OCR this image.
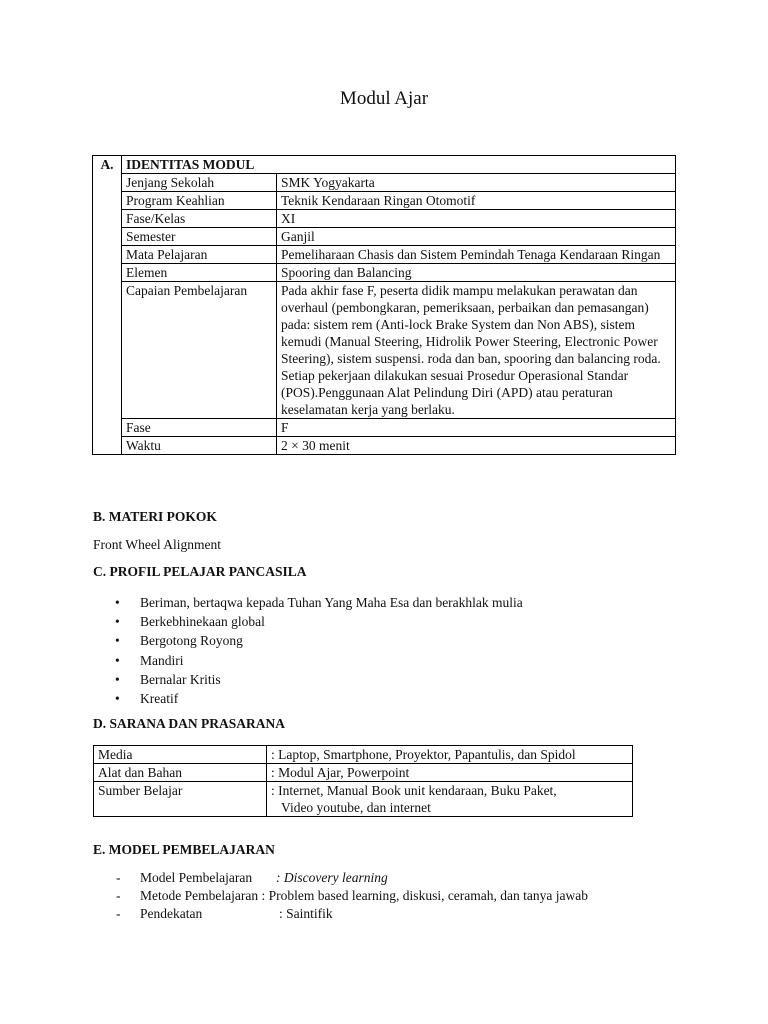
Modul Ajar
A.	IDENTITAS MODUL	
	Jenjang Sekolah	SMK Yogyakarta
	Program Keahlian	Teknik Kendaraan Ringan Otomotif
	Fase/Kelas	XI
	Semester	Ganjil
	Mata Pelajaran	Pemeliharaan Chasis dan Sistem Pemindah Tenaga Kendaraan Ringan
	Elemen	Spooring dan Balancing
	Capaian Pembelajaran	Pada akhir fase F, peserta didik mampu melakukan perawatan dan overhaul (pembongkaran, pemeriksaan, perbaikan dan pemasangan) pada: sistem rem (Anti-lock Brake System dan Non ABS), sistem kemudi (Manual Steering, Hidrolik Power Steering, Electronic Power Steering), sistem suspensi. roda dan ban, spooring dan balancing roda. Setiap pekerjaan dilakukan sesuai Prosedur Operasional Standar (POS).Penggunaan Alat Pelindung Diri (APD) atau peraturan keselamatan kerja yang berlaku.
	Fase	F
	Waktu	2 × 30 menit
B. MATERI POKOK
Front Wheel Alignment
C. PROFIL PELAJAR PANCASILA
• Beriman, bertaqwa kepada Tuhan Yang Maha Esa dan berakhlak mulia
• Berkebhinekaan global
• Bergotong Royong
• Mandiri
• Bernalar Kritis
• Kreatif
D. SARANA DAN PRASARANA
Media	: Laptop, Smartphone, Proyektor, Papantulis, dan Spidol
Alat dan Bahan	: Modul Ajar, Powerpoint
Sumber Belajar	: Internet, Manual Book unit kendaraan, Buku Paket,
Video youtube, dan internet
E. MODEL PEMBELAJARAN
- Model Pembelajaran : Discovery learning
- Metode Pembelajaran : Problem based learning, diskusi, ceramah, dan tanya jawab
- Pendekatan	: Saintifik
